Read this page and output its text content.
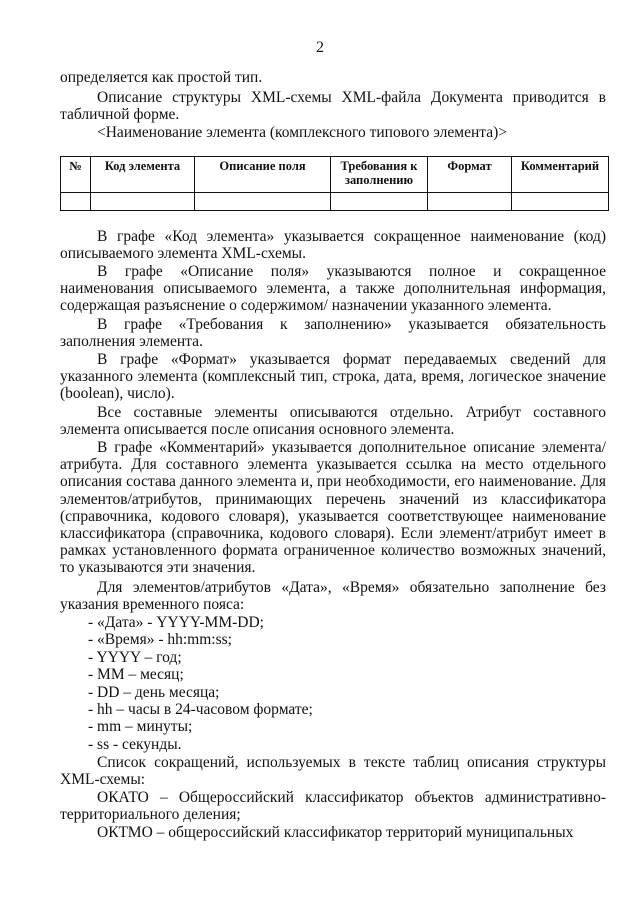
2
определяется как простой тип.
Описание структуры XML-схемы XML-файла Документа приводится в табличной форме.
<Наименование элемента (комплексного типового элемента)>
№	Код элемента	Описание поля	Требования к заполнению	Формат	Комментарий

В графе «Код элемента» указывается сокращенное наименование (код) описываемого элемента XML-схемы.
В графе «Описание поля» указываются полное и сокращенное наименования описываемого элемента, а также дополнительная информация, содержащая разъяснение о содержимом/ назначении указанного элемента.
В графе «Требования к заполнению» указывается обязательность заполнения элемента.
В графе «Формат» указывается формат передаваемых сведений для указанного элемента (комплексный тип, строка, дата, время, логическое значение (boolean), число).
Все составные элементы описываются отдельно. Атрибут составного элемента описывается после описания основного элемента.
В графе «Комментарий» указывается дополнительное описание элемента/атрибута. Для составного элемента указывается ссылка на место отдельного описания состава данного элемента и, при необходимости, его наименование. Для элементов/атрибутов, принимающих перечень значений из классификатора (справочника, кодового словаря), указывается соответствующее наименование классификатора (справочника, кодового словаря). Если элемент/атрибут имеет в рамках установленного формата ограниченное количество возможных значений, то указываются эти значения.
Для элементов/атрибутов «Дата», «Время» обязательно заполнение без указания временного пояса:
- «Дата» - YYYY-MM-DD;
- «Время» - hh:mm:ss;
- YYYY – год;
- MM – месяц;
- DD – день месяца;
- hh – часы в 24-часовом формате;
- mm – минуты;
- ss - секунды.
Список сокращений, используемых в тексте таблиц описания структуры XML-схемы:
ОКАТО – Общероссийский классификатор объектов административно-территориального деления;
ОКТМО – общероссийский классификатор территорий муниципальных
